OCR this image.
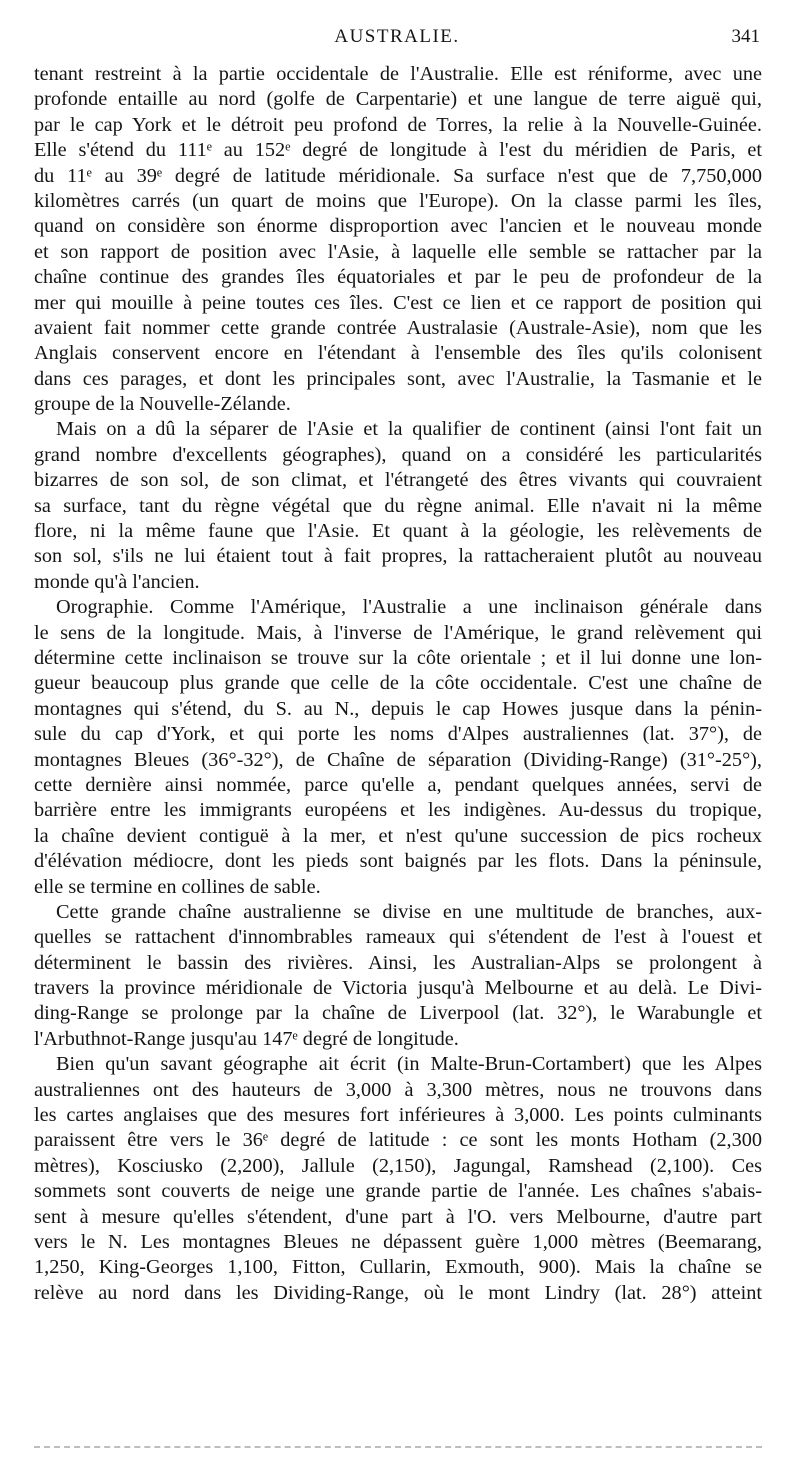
AUSTRALIE.	341
tenant restreint à la partie occidentale de l'Australie. Elle est réniforme, avec une
profonde entaille au nord (golfe de Carpentarie) et une langue de terre aiguë qui,
par le cap York et le détroit peu profond de Torres, la relie à la Nouvelle-Guinée.
Elle s'étend du 111ᵉ au 152ᵉ degré de longitude à l'est du méridien de Paris, et
du 11ᵉ au 39ᵉ degré de latitude méridionale. Sa surface n'est que de 7,750,000
kilomètres carrés (un quart de moins que l'Europe). On la classe parmi les îles,
quand on considère son énorme disproportion avec l'ancien et le nouveau monde
et son rapport de position avec l'Asie, à laquelle elle semble se rattacher par la
chaîne continue des grandes îles équatoriales et par le peu de profondeur de la
mer qui mouille à peine toutes ces îles. C'est ce lien et ce rapport de position qui
avaient fait nommer cette grande contrée Australasie (Australe-Asie), nom que les
Anglais conservent encore en l'étendant à l'ensemble des îles qu'ils colonisent
dans ces parages, et dont les principales sont, avec l'Australie, la Tasmanie et le
groupe de la Nouvelle-Zélande.
Mais on a dû la séparer de l'Asie et la qualifier de continent (ainsi l'ont fait un
grand nombre d'excellents géographes), quand on a considéré les particularités
bizarres de son sol, de son climat, et l'étrangeté des êtres vivants qui couvraient
sa surface, tant du règne végétal que du règne animal. Elle n'avait ni la même
flore, ni la même faune que l'Asie. Et quant à la géologie, les relèvements de
son sol, s'ils ne lui étaient tout à fait propres, la rattacheraient plutôt au nouveau
monde qu'à l'ancien.
Orographie. Comme l'Amérique, l'Australie a une inclinaison générale dans
le sens de la longitude. Mais, à l'inverse de l'Amérique, le grand relèvement qui
détermine cette inclinaison se trouve sur la côte orientale ; et il lui donne une lon-
gueur beaucoup plus grande que celle de la côte occidentale. C'est une chaîne de
montagnes qui s'étend, du S. au N., depuis le cap Howes jusque dans la pénin-
sule du cap d'York, et qui porte les noms d'Alpes australiennes (lat. 37°), de
montagnes Bleues (36°-32°), de Chaîne de séparation (Dividing-Range) (31°-25°),
cette dernière ainsi nommée, parce qu'elle a, pendant quelques années, servi de
barrière entre les immigrants européens et les indigènes. Au-dessus du tropique,
la chaîne devient contiguë à la mer, et n'est qu'une succession de pics rocheux
d'élévation médiocre, dont les pieds sont baignés par les flots. Dans la péninsule,
elle se termine en collines de sable.
Cette grande chaîne australienne se divise en une multitude de branches, aux-
quelles se rattachent d'innombrables rameaux qui s'étendent de l'est à l'ouest et
déterminent le bassin des rivières. Ainsi, les Australian-Alps se prolongent à
travers la province méridionale de Victoria jusqu'à Melbourne et au delà. Le Divi-
ding-Range se prolonge par la chaîne de Liverpool (lat. 32°), le Warabungle et
l'Arbuthnot-Range jusqu'au 147ᵉ degré de longitude.
Bien qu'un savant géographe ait écrit (in Malte-Brun-Cortambert) que les Alpes
australiennes ont des hauteurs de 3,000 à 3,300 mètres, nous ne trouvons dans
les cartes anglaises que des mesures fort inférieures à 3,000. Les points culminants
paraissent être vers le 36ᵉ degré de latitude : ce sont les monts Hotham (2,300
mètres), Kosciusko (2,200), Jallule (2,150), Jagungal, Ramshead (2,100). Ces
sommets sont couverts de neige une grande partie de l'année. Les chaînes s'abais-
sent à mesure qu'elles s'étendent, d'une part à l'O. vers Melbourne, d'autre part
vers le N. Les montagnes Bleues ne dépassent guère 1,000 mètres (Beemarang,
1,250, King-Georges 1,100, Fitton, Cullarin, Exmouth, 900). Mais la chaîne se
relève au nord dans les Dividing-Range, où le mont Lindry (lat. 28°) atteint
